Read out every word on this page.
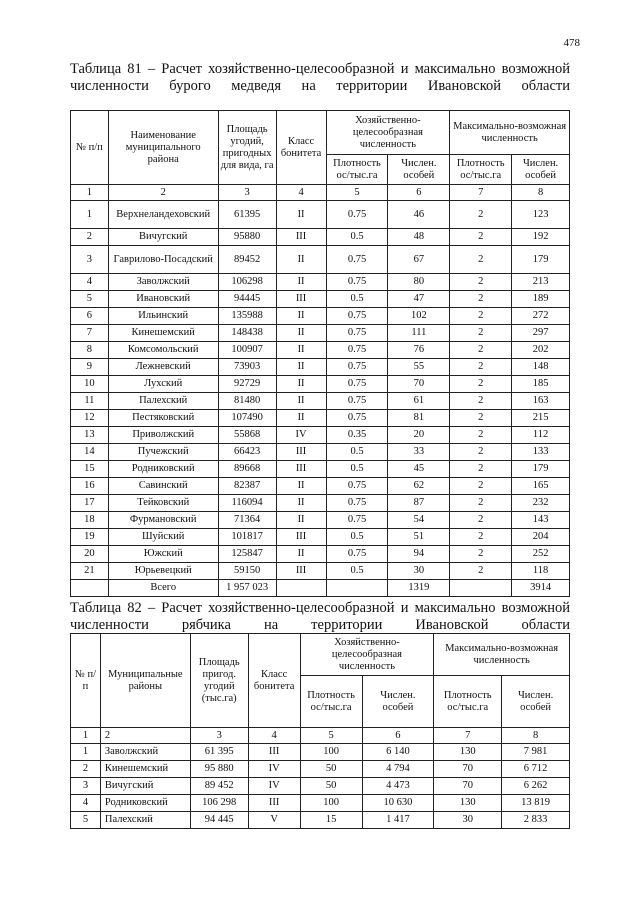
478
Таблица 81 – Расчет хозяйственно-целесообразной и максимально возможной численности бурого медведя на территории Ивановской области
№ п/п	Наименование муниципального района	Площадь угодий, пригодных для вида, га	Класс бонитета	Хозяйственно-целесообразная численность		Максимально-возможная численность	
				Плотность ос/тыс.га	Числен. особей	Плотность ос/тыс.га	Числен. особей
1	2	3	4	5	6	7	8
1	Верхнеландеховский	61395	II	0.75	46	2	123
2	Вичугский	95880	III	0.5	48	2	192
3	Гаврилово-Посадский	89452	II	0.75	67	2	179
4	Заволжский	106298	II	0.75	80	2	213
5	Ивановский	94445	III	0.5	47	2	189
6	Ильинский	135988	II	0.75	102	2	272
7	Кинешемский	148438	II	0.75	111	2	297
8	Комсомольский	100907	II	0.75	76	2	202
9	Лежневский	73903	II	0.75	55	2	148
10	Лухский	92729	II	0.75	70	2	185
11	Палехский	81480	II	0.75	61	2	163
12	Пестяковский	107490	II	0.75	81	2	215
13	Приволжский	55868	IV	0.35	20	2	112
14	Пучежский	66423	III	0.5	33	2	133
15	Родниковский	89668	III	0.5	45	2	179
16	Савинский	82387	II	0.75	62	2	165
17	Тейковский	116094	II	0.75	87	2	232
18	Фурмановский	71364	II	0.75	54	2	143
19	Шуйский	101817	III	0.5	51	2	204
20	Южский	125847	II	0.75	94	2	252
21	Юрьевецкий	59150	III	0.5	30	2	118
	Всего	1 957 023			1319		3914
Таблица 82 – Расчет хозяйственно-целесообразной и максимально возможной численности рябчика на территории Ивановской области
№ п/п	Муниципальные районы	Площадь пригод. угодий (тыс.га)	Класс бонитета	Хозяйственно-целесообразная численность		Максимально-возможная численность	
				Плотность ос/тыс.га	Числен. особей	Плотность ос/тыс.га	Числен. особей
1	2	3	4	5	6	7	8
1	Заволжский	61 395	III	100	6 140	130	7 981
2	Кинешемский	95 880	IV	50	4 794	70	6 712
3	Вичугский	89 452	IV	50	4 473	70	6 262
4	Родниковский	106 298	III	100	10 630	130	13 819
5	Палехский	94 445	V	15	1 417	30	2 833
